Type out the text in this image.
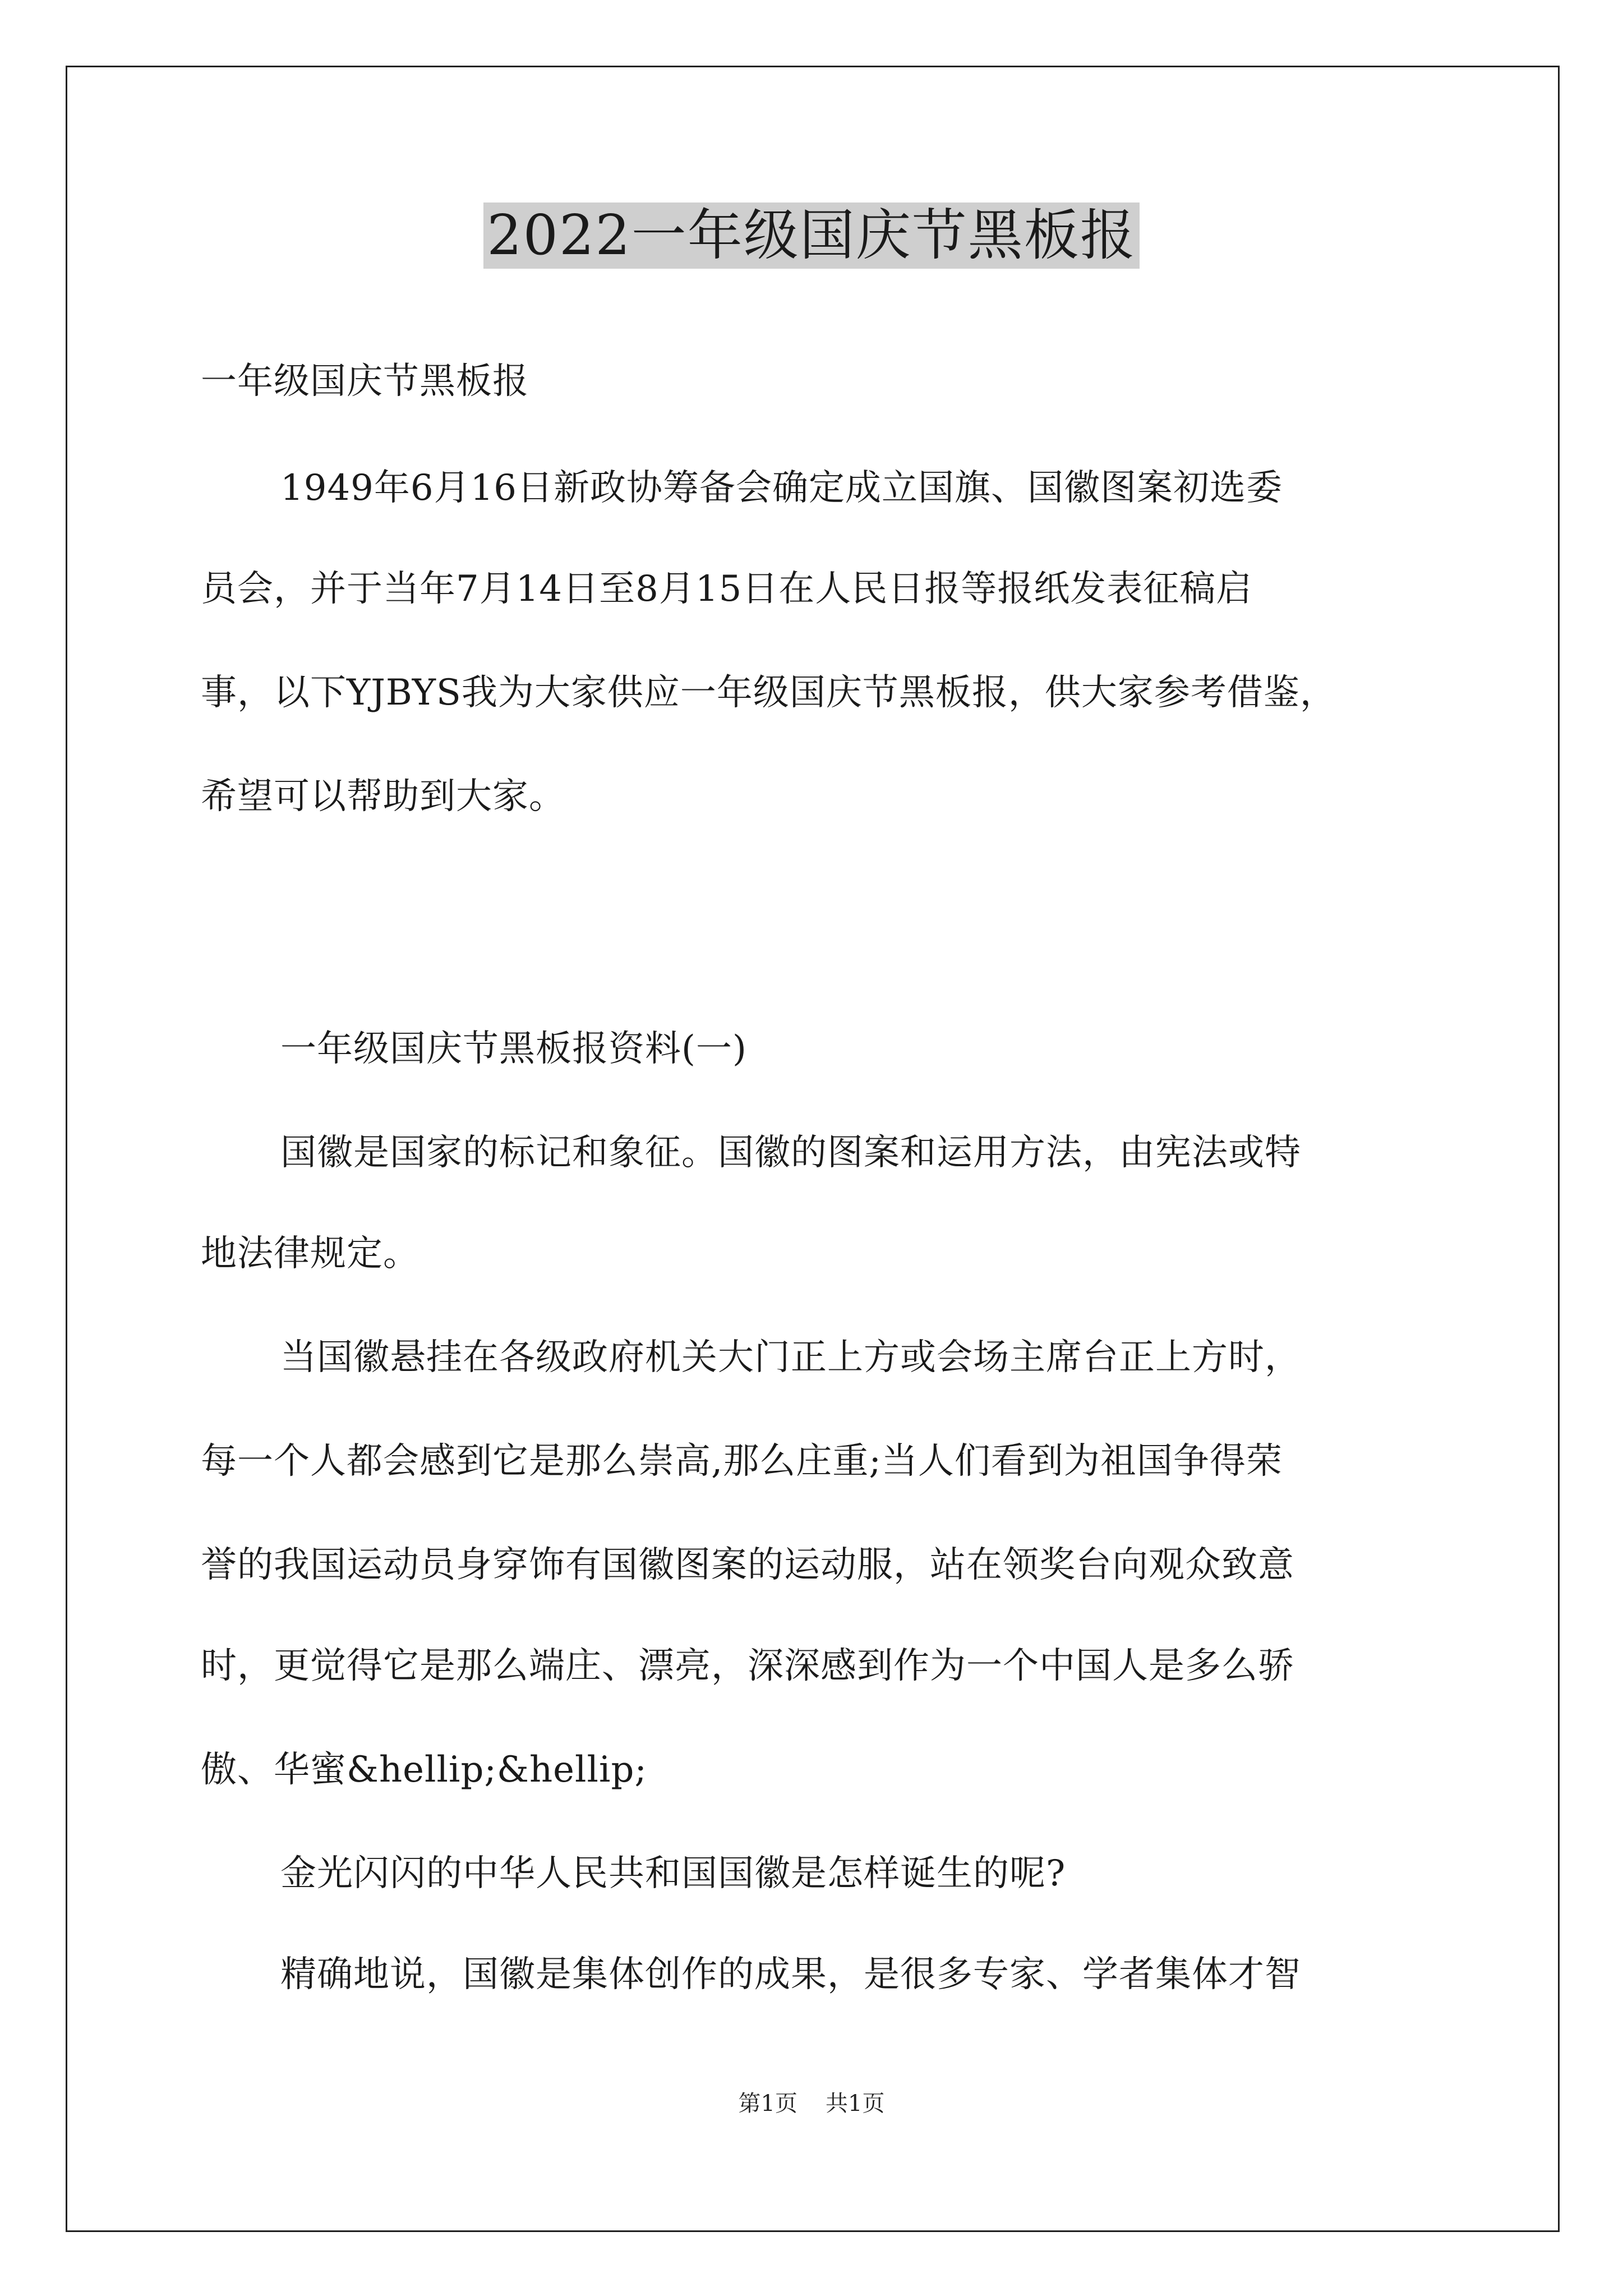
2022一年级国庆节黑板报
一年级国庆节黑板报
1949年6月16日新政协筹备会确定成立国旗、国徽图案初选委
员会，并于当年7月14日至8月15日在人民日报等报纸发表征稿启
事，以下YJBYS我为大家供应一年级国庆节黑板报，供大家参考借鉴，
希望可以帮助到大家。
一年级国庆节黑板报资料(一)
国徽是国家的标记和象征。国徽的图案和运用方法，由宪法或特
地法律规定。
当国徽悬挂在各级政府机关大门正上方或会场主席台正上方时，
每一个人都会感到它是那么崇高,那么庄重;当人们看到为祖国争得荣
誉的我国运动员身穿饰有国徽图案的运动服，站在领奖台向观众致意
时，更觉得它是那么端庄、漂亮，深深感到作为一个中国人是多么骄
傲、华蜜&hellip;&hellip;
金光闪闪的中华人民共和国国徽是怎样诞生的呢?
精确地说，国徽是集体创作的成果，是很多专家、学者集体才智
第1页 共1页
